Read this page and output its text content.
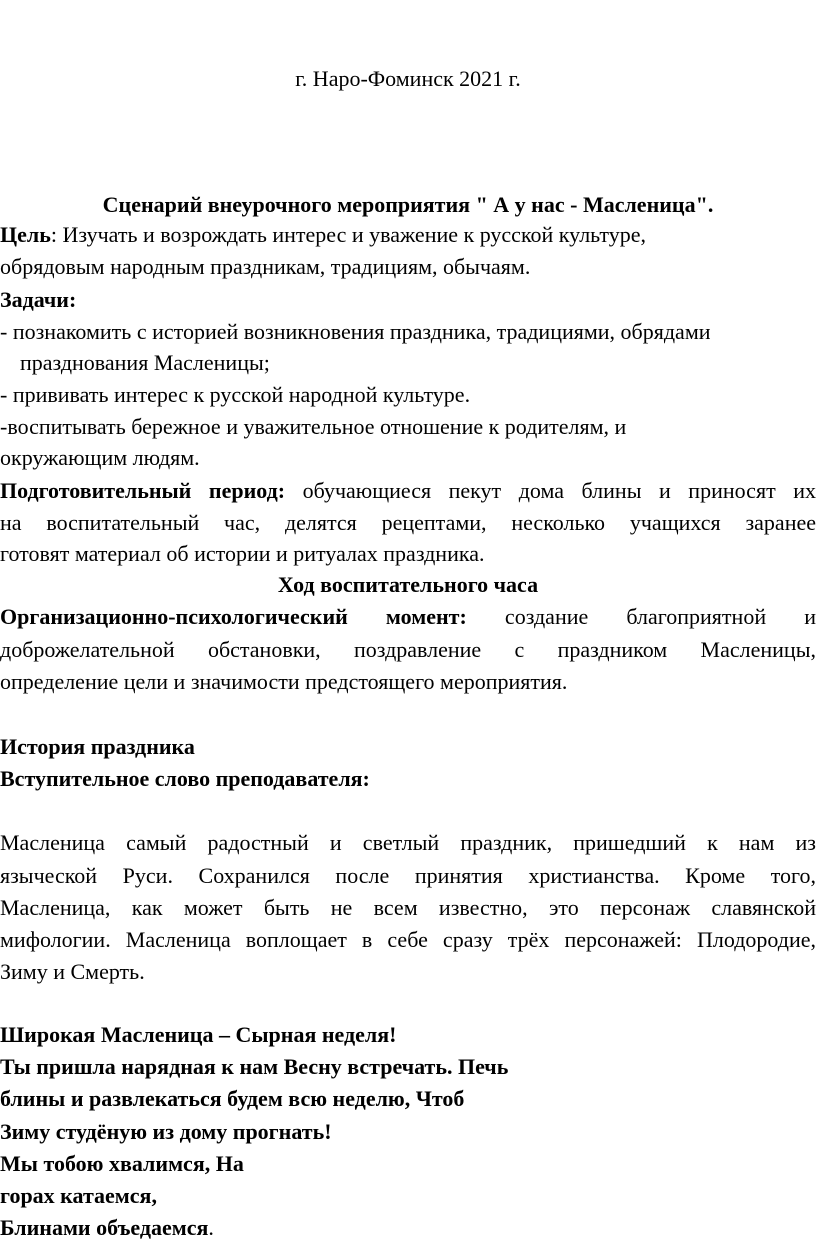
г. Наро-Фоминск 2021 г.
Сценарий внеурочного мероприятия " А у нас - Масленица".
Цель: Изучать и возрождать интерес и уважение к русской культуре,
обрядовым народным праздникам, традициям, обычаям.
Задачи:
- познакомить с историей возникновения праздника, традициями, обрядами
празднования Масленицы;
- прививать интерес к русской народной культуре.
-воспитывать бережное и уважительное отношение к родителям, и
окружающим людям.
Подготовительный период: обучающиеся пекут дома блины и приносят их
на воспитательный час, делятся рецептами, несколько учащихся заранее
готовят материал об истории и ритуалах праздника.
Ход воспитательного часа
Организационно-психологический момент: создание благоприятной и
доброжелательной обстановки, поздравление с праздником Масленицы,
определение цели и значимости предстоящего мероприятия.
История праздника
Вступительное слово преподавателя:
Масленица самый радостный и светлый праздник, пришедший к нам из
языческой Руси. Сохранился после принятия христианства. Кроме того,
Масленица, как может быть не всем известно, это персонаж славянской
мифологии. Масленица воплощает в себе сразу трёх персонажей: Плодородие,
Зиму и Смерть.
Широкая Масленица – Сырная неделя!
Ты пришла нарядная к нам Весну встречать. Печь
блины и развлекаться будем всю неделю, Чтоб
Зиму студёную из дому прогнать!
Мы тобою хвалимся, На
горах катаемся,
Блинами объедаемся.
